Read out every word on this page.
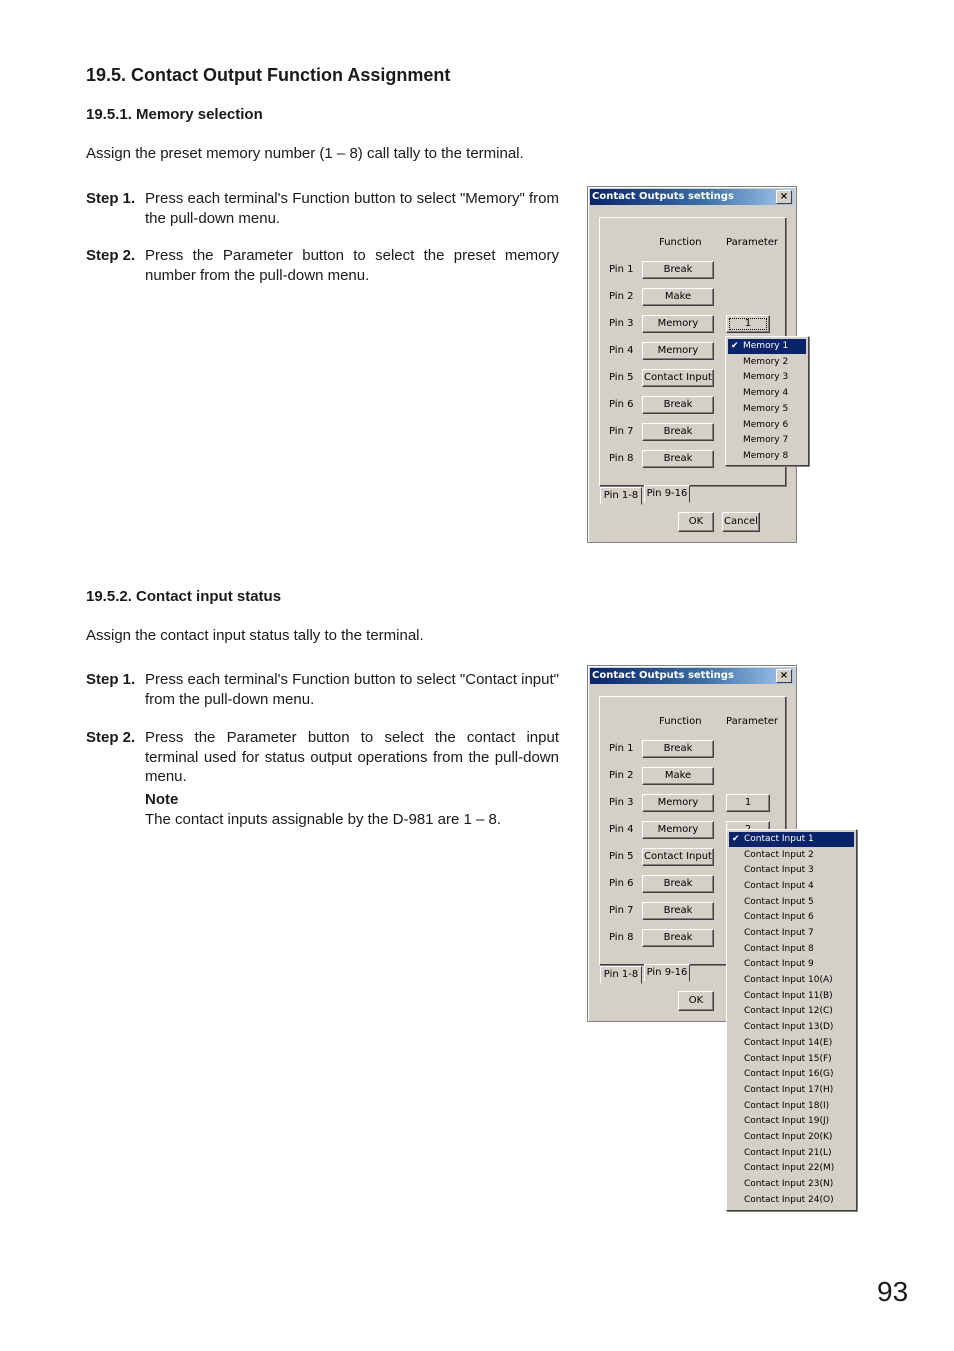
19.5. Contact Output Function Assignment
19.5.1. Memory selection
Assign the preset memory number (1 – 8) call tally to the terminal.
Step 1. Press each terminal's Function button to select "Memory" from the pull-down menu.
Step 2. Press the Parameter button to select the preset memory number from the pull-down menu.
19.5.2. Contact input status
Assign the contact input status tally to the terminal.
Step 1. Press each terminal's Function button to select "Contact input" from the pull-down menu.
Step 2. Press the Parameter button to select the contact input terminal used for status output operations from the pull-down menu.
Note
The contact inputs assignable by the D-981 are 1 – 8.
93
Contact Outputs settings	×
Function Parameter
Pin 1	Break
Pin 2	Make
Pin 3	Memory	1
Pin 4	Memory
Pin 5 Contact Input
Pin 6	Break
Pin 7	Break
Pin 8	Break
Pin 1-8 Pin 9-16
OK	Cancel
✔ Memory 1
Memory 2
Memory 3
Memory 4
Memory 5
Memory 6
Memory 7
Memory 8
Contact Outputs settings	×
Function Parameter
Pin 1	Break
Pin 2	Make
Pin 3	Memory	1
Pin 4	Memory
Pin 5 Contact Input
Pin 6	Break
Pin 7	Break
Pin 8	Break
Pin 1-8 Pin 9-16
OK
✔ Contact Input 1
Contact Input 2
Contact Input 3
Contact Input 4
Contact Input 5
Contact Input 6
Contact Input 7
Contact Input 8
Contact Input 9
Contact Input 10(A)
Contact Input 11(B)
Contact Input 12(C)
Contact Input 13(D)
Contact Input 14(E)
Contact Input 15(F)
Contact Input 16(G)
Contact Input 17(H)
Contact Input 18(I)
Contact Input 19(J)
Contact Input 20(K)
Contact Input 21(L)
Contact Input 22(M)
Contact Input 23(N)
Contact Input 24(O)
